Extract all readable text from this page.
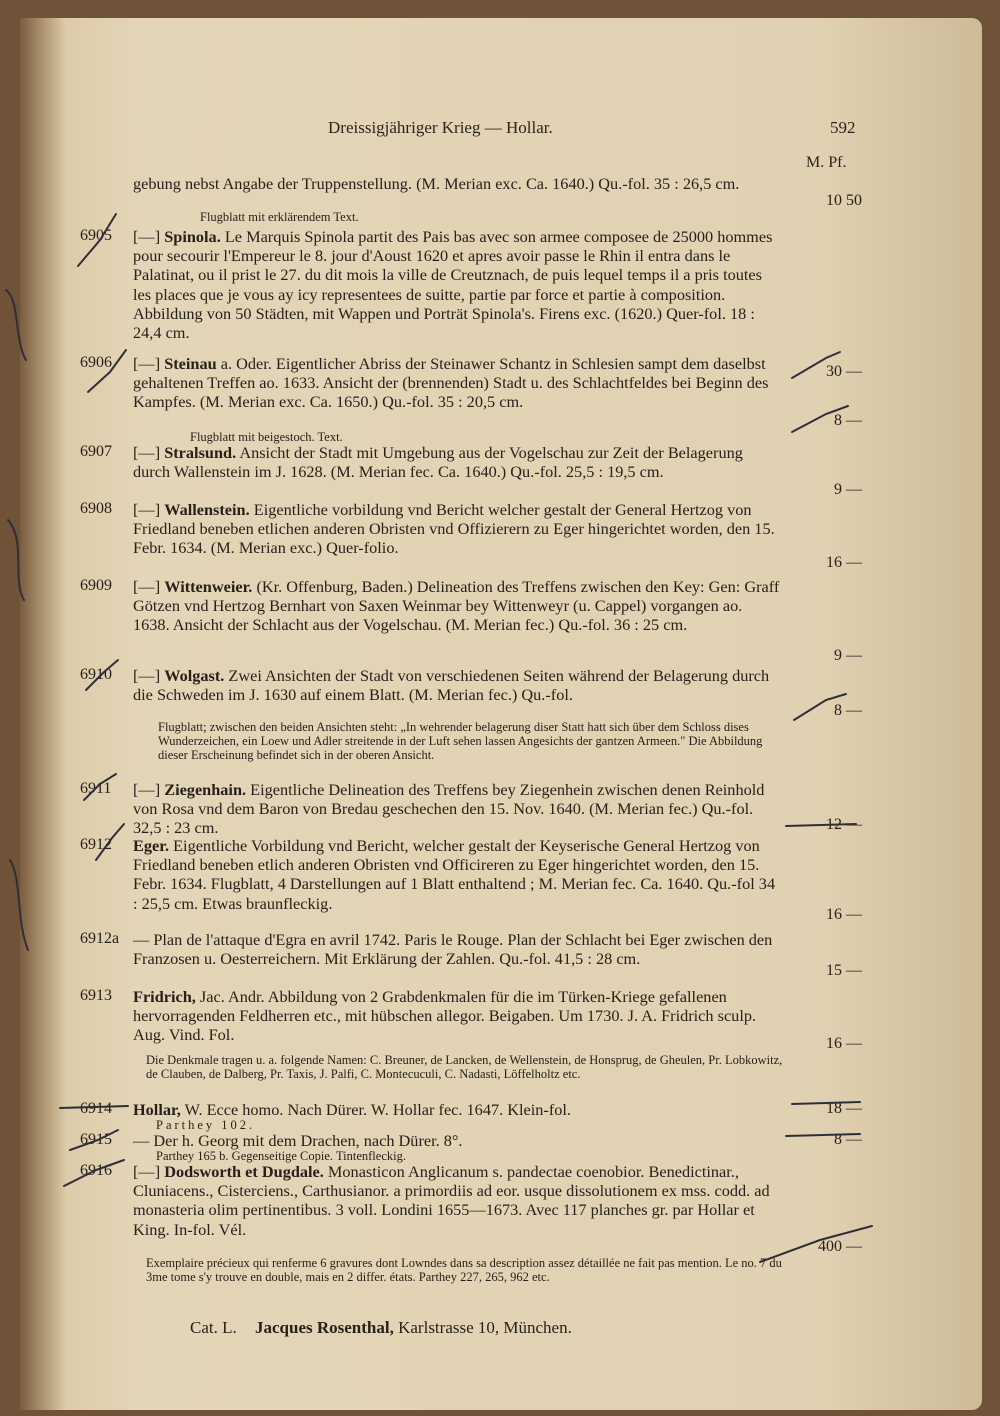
Dreissigjähriger Krieg — Hollar.	592
M. Pf.
gebung nebst Angabe der Truppenstellung. (M. Merian exc. Ca. 1640.) Qu.-fol. 35 : 26,5 cm.
Flugblatt mit erklärendem Text.
10 50
6905 [—] Spinola. Le Marquis Spinola partit des Pais bas avec son armee composee de 25000 hommes pour secourir l'Empereur le 8. jour d'Aoust 1620 et apres avoir passe le Rhin il entra dans le Palatinat, ou il prist le 27. du dit mois la ville de Creutznach, de puis lequel temps il a pris toutes les places que je vous ay icy representees de suitte, partie par force et partie à composition. Abbildung von 50 Städten, mit Wappen und Porträt Spinola's. Firens exc. (1620.) Quer-fol. 18 : 24,4 cm.
30 —
6906 [—] Steinau a. Oder. Eigentlicher Abriss der Steinawer Schantz in Schlesien sampt dem daselbst gehaltenen Treffen ao. 1633. Ansicht der (brennenden) Stadt u. des Schlachtfeldes bei Beginn des Kampfes. (M. Merian exc. Ca. 1650.) Qu.-fol. 35 : 20,5 cm.
Flugblatt mit beigestoch. Text.
8 —
6907 [—] Stralsund. Ansicht der Stadt mit Umgebung aus der Vogelschau zur Zeit der Belagerung durch Wallenstein im J. 1628. (M. Merian fec. Ca. 1640.) Qu.-fol. 25,5 : 19,5 cm.
9 —
6908 [—] Wallenstein. Eigentliche vorbildung vnd Bericht welcher gestalt der General Hertzog von Friedland beneben etlichen anderen Obristen vnd Offizierern zu Eger hingerichtet worden, den 15. Febr. 1634. (M. Merian exc.) Quer-folio.
16 —
6909 [—] Wittenweier. (Kr. Offenburg, Baden.) Delineation des Treffens zwischen den Key: Gen: Graff Götzen vnd Hertzog Bernhart von Saxen Weinmar bey Wittenweyr (u. Cappel) vorgangen ao. 1638. Ansicht der Schlacht aus der Vogelschau. (M. Merian fec.) Qu.-fol. 36 : 25 cm.
9 —
6910 [—] Wolgast. Zwei Ansichten der Stadt von verschiedenen Seiten während der Belagerung durch die Schweden im J. 1630 auf einem Blatt. (M. Merian fec.) Qu.-fol.
Flugblatt; zwischen den beiden Ansichten steht: „In wehrender belagerung diser Statt hatt sich über dem Schloss dises Wunderzeichen, ein Loew und Adler streitende in der Luft sehen lassen Angesichts der gantzen Armeen." Die Abbildung dieser Erscheinung befindet sich in der oberen Ansicht.
8 —
6911 [—] Ziegenhain. Eigentliche Delineation des Treffens bey Ziegenhein zwischen denen Reinhold von Rosa vnd dem Baron von Bredau geschechen den 15. Nov. 1640. (M. Merian fec.) Qu.-fol. 32,5 : 23 cm.	12 —
6912 Eger. Eigentliche Vorbildung vnd Bericht, welcher gestalt der Keyserische General Hertzog von Friedland beneben etlich anderen Obristen vnd Officireren zu Eger hingerichtet worden, den 15. Febr. 1634. Flugblatt, 4 Darstellungen auf 1 Blatt enthaltend ; M. Merian fec. Ca. 1640. Qu.-fol 34 : 25,5 cm. Etwas braunfleckig.
16 —
6912a — Plan de l'attaque d'Egra en avril 1742. Paris le Rouge. Plan der Schlacht bei Eger zwischen den Franzosen u. Oesterreichern. Mit Erklärung der Zahlen. Qu.-fol. 41,5 : 28 cm.
15 —
6913 Fridrich, Jac. Andr. Abbildung von 2 Grabdenkmalen für die im Türken-Kriege gefallenen hervorragenden Feldherren etc., mit hübschen allegor. Beigaben. Um 1730. J. A. Fridrich sculp. Aug. Vind. Fol.
Die Denkmale tragen u. a. folgende Namen: C. Breuner, de Lancken, de Wellenstein, de Honsprug, de Gheulen, Pr. Lobkowitz, de Clauben, de Dalberg, Pr. Taxis, J. Palfi, C. Montecuculi, C. Nadasti, Löffelholtz etc.
16 —
6914 Hollar, W. Ecce homo. Nach Dürer. W. Hollar fec. 1647. Klein-fol.
Parthey 102.
18 —
6915 — Der h. Georg mit dem Drachen, nach Dürer. 8°.
Parthey 165 b. Gegenseitige Copie. Tintenfleckig.
8 —
6916 [—] Dodsworth et Dugdale. Monasticon Anglicanum s. pandectae coenobior. Benedictinar., Cluniacens., Cisterciens., Carthusianor. a primordiis ad eor. usque dissolutionem ex mss. codd. ad monasteria olim pertinentibus. 3 voll. Londini 1655—1673. Avec 117 planches gr. par Hollar et King. In-fol. Vél.
Exemplaire précieux qui renferme 6 gravures dont Lowndes dans sa description assez détaillée ne fait pas mention. Le no. 7 du 3me tome s'y trouve en double, mais en 2 differ. états. Parthey 227, 265, 962 etc.
400 —
Cat. L. Jacques Rosenthal, Karlstrasse 10, München.
